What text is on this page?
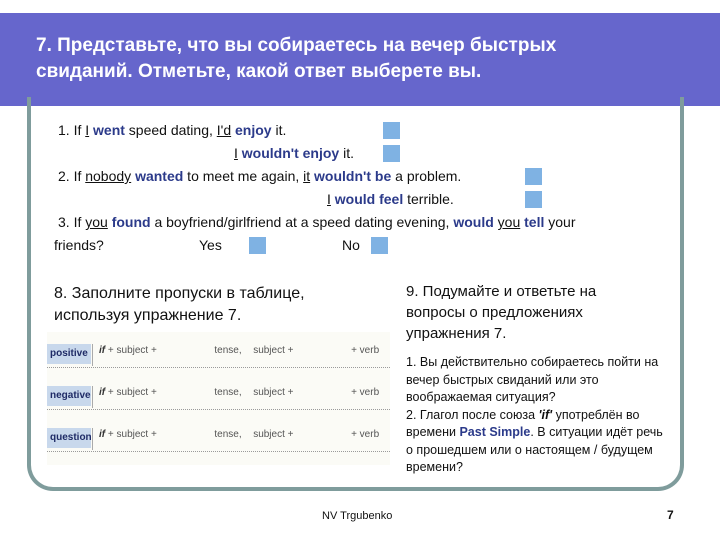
7. Представьте, что вы собираетесь на вечер быстрых
свиданий. Отметьте, какой ответ выберете вы.
1. If I went speed dating, I'd enjoy it.
I wouldn't enjoy it.
2. If nobody wanted to meet me again, it wouldn't be a problem.
I would feel terrible.
3. If you found a boyfriend/girlfriend at a speed dating evening, would you tell your
friends?	Yes	No
8. Заполните пропуски в таблице, используя упражнение 7.
positive	if + subject +	tense, subject +	+ verb
negative if + subject +	tense, subject +	+ verb
question if + subject +	tense, subject +	+ verb
9. Подумайте и ответьте на вопросы о предложениях упражнения 7.
1. Вы действительно собираетесь пойти на вечер быстрых свиданий или это воображаемая ситуация?
2. Глагол после союза 'if' употреблён во времени Past Simple. В ситуации идёт речь о прошедшем или о настоящем / будущем времени?
NV Trgubenko	7
